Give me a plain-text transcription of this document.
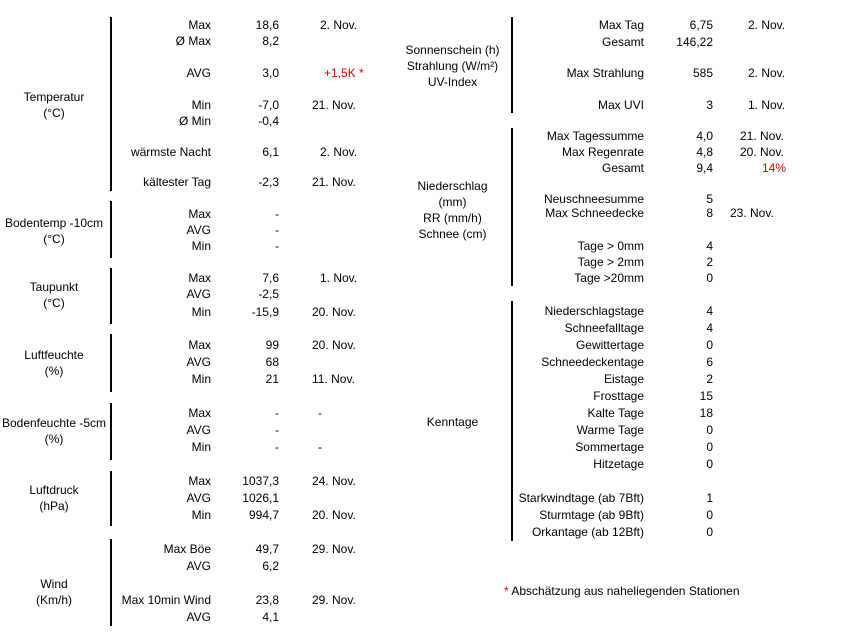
Temperatur
(°C)
Max	18,6	2. Nov.
Ø Max	8,2
AVG	3,0	+1,5K *
Min	-7,0	21. Nov.
Ø Min	-0,4
wärmste Nacht	6,1	2. Nov.
kältester Tag	-2,3	21. Nov.
Bodentemp -10cm
(°C)
Max	-
AVG	-
Min	-
Taupunkt
(°C)
Max	7,6	1. Nov.
AVG	-2,5
Min	-15,9	20. Nov.
Luftfeuchte
(%)
Max	99	20. Nov.
AVG	68
Min	21	11. Nov.
Bodenfeuchte -5cm
(%)
Max	-	-
AVG	-
Min	-	-
Luftdruck
(hPa)
Max	1037,3	24. Nov.
AVG	1026,1
Min	994,7	20. Nov.
Wind
(Km/h)
Max Böe	49,7	29. Nov.
AVG	6,2
Max 10min Wind	23,8	29. Nov.
AVG	4,1
Sonnenschein (h)
Strahlung (W/m²)
UV-Index
Max Tag	6,75	2. Nov.
Gesamt	146,22
Max Strahlung	585	2. Nov.
Max UVI	3	1. Nov.
Niederschlag
(mm)
RR (mm/h)
Schnee (cm)
Max Tagessumme	4,0 21. Nov.
Max Regenrate	4,8 20. Nov.
Gesamt	9,4	14%
Neuschneesumme	5
Max Schneedecke	8 23. Nov.
Tage > 0mm	4
Tage > 2mm	2
Tage >20mm	0
Kenntage
Niederschlagstage	4
Schneefalltage	4
Gewittertage	0
Schneedeckentage	6
Eistage	2
Frosttage	15
Kalte Tage	18
Warme Tage	0
Sommertage	0
Hitzetage	0
Starkwindtage (ab 7Bft)	1
Sturmtage (ab 9Bft)	0
Orkantage (ab 12Bft)	0
* Abschätzung aus naheliegenden Stationen
